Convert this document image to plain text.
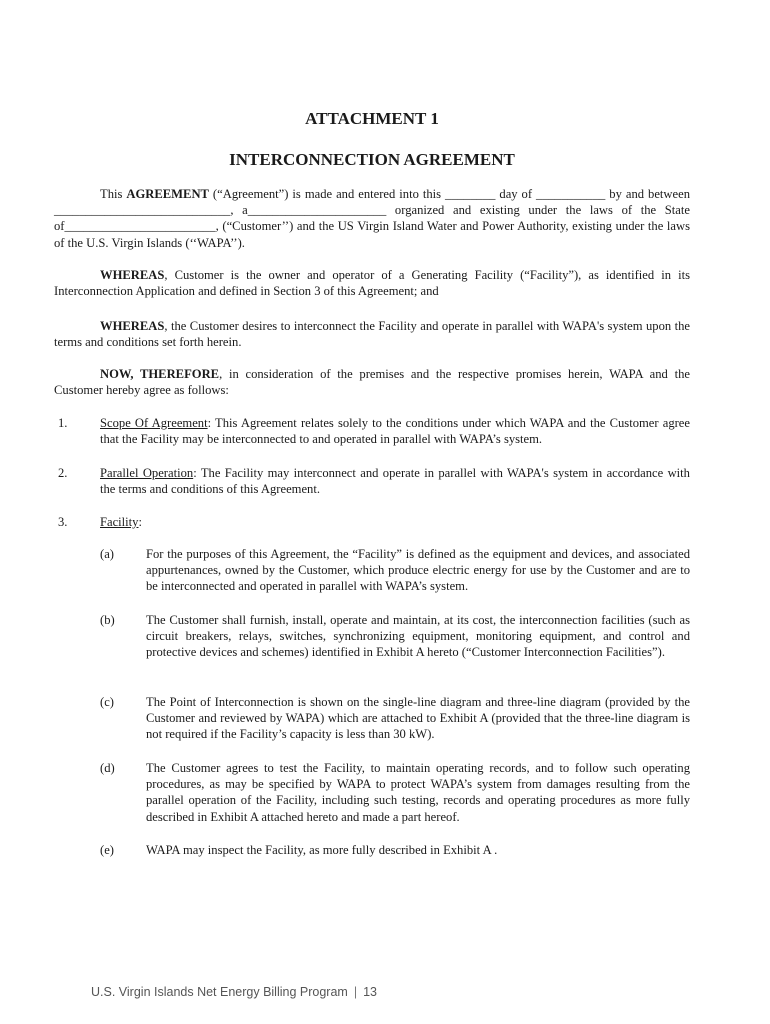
ATTACHMENT 1
INTERCONNECTION AGREEMENT

This AGREEMENT (“Agreement”) is made and entered into this ________ day of ___________ by and between ____________________________, a______________________ organized and existing under the laws of the State of________________________, (“Customer’’) and the US Virgin Island Water and Power Authority, existing under the laws of the U.S. Virgin Islands (‘‘WAPA’’).

WHEREAS, Customer is the owner and operator of a Generating Facility (“Facility”), as identified in its Interconnection Application and defined in Section 3 of this Agreement; and

WHEREAS, the Customer desires to interconnect the Facility and operate in parallel with WAPA's system upon the terms and conditions set forth herein.

NOW, THEREFORE, in consideration of the premises and the respective promises herein, WAPA and the Customer hereby agree as follows:

1.	Scope Of Agreement: This Agreement relates solely to the conditions under which WAPA and the Customer agree that the Facility may be interconnected to and operated in parallel with WAPA’s system.
2.	Parallel Operation: The Facility may interconnect and operate in parallel with WAPA's system in accordance with the terms and conditions of this Agreement.
3.	Facility:
(a)	For the purposes of this Agreement, the “Facility” is defined as the equipment and devices, and associated appurtenances, owned by the Customer, which produce electric energy for use by the Customer and are to be interconnected and operated in parallel with WAPA’s system.
(b) The Customer shall furnish, install, operate and maintain, at its cost, the interconnection facilities (such as circuit breakers, relays, switches, synchronizing equipment, monitoring equipment, and control and protective devices and schemes) identified in Exhibit A hereto (“Customer Interconnection Facilities”).
(c)	The Point of Interconnection is shown on the single-line diagram and three-line diagram (provided by the Customer and reviewed by WAPA) which are attached to Exhibit A (provided that the three-line diagram is not required if the Facility’s capacity is less than 30 kW).
(d) The Customer agrees to test the Facility, to maintain operating records, and to follow such operating procedures, as may be specified by WAPA to protect WAPA’s system from damages resulting from the parallel operation of the Facility, including such testing, records and operating procedures as more fully described in Exhibit A attached hereto and made a part hereof.
(e)	WAPA may inspect the Facility, as more fully described in Exhibit A .
U.S. Virgin Islands Net Energy Billing Program | 13
